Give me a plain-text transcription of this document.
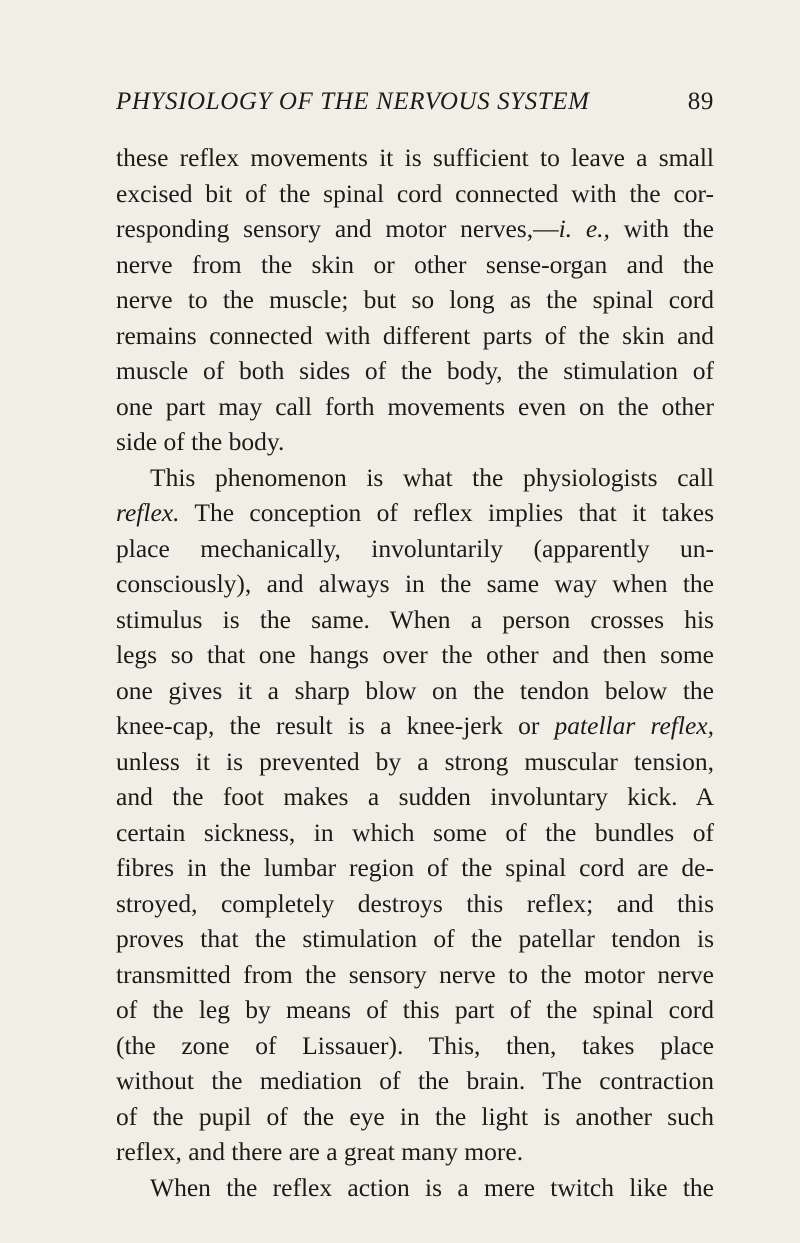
PHYSIOLOGY OF THE NERVOUS SYSTEM	89
these reflex movements it is sufficient to leave a small
excised bit of the spinal cord connected with the cor-
responding sensory and motor nerves,—i. e., with the
nerve from the skin or other sense-organ and the
nerve to the muscle; but so long as the spinal cord
remains connected with different parts of the skin and
muscle of both sides of the body, the stimulation of
one part may call forth movements even on the other
side of the body.
This phenomenon is what the physiologists call
reflex. The conception of reflex implies that it takes
place mechanically, involuntarily (apparently un-
consciously), and always in the same way when the
stimulus is the same. When a person crosses his
legs so that one hangs over the other and then some
one gives it a sharp blow on the tendon below the
knee-cap, the result is a knee-jerk or patellar reflex,
unless it is prevented by a strong muscular tension,
and the foot makes a sudden involuntary kick. A
certain sickness, in which some of the bundles of
fibres in the lumbar region of the spinal cord are de-
stroyed, completely destroys this reflex; and this
proves that the stimulation of the patellar tendon is
transmitted from the sensory nerve to the motor nerve
of the leg by means of this part of the spinal cord
(the zone of Lissauer). This, then, takes place
without the mediation of the brain. The contraction
of the pupil of the eye in the light is another such
reflex, and there are a great many more.
When the reflex action is a mere twitch like the
